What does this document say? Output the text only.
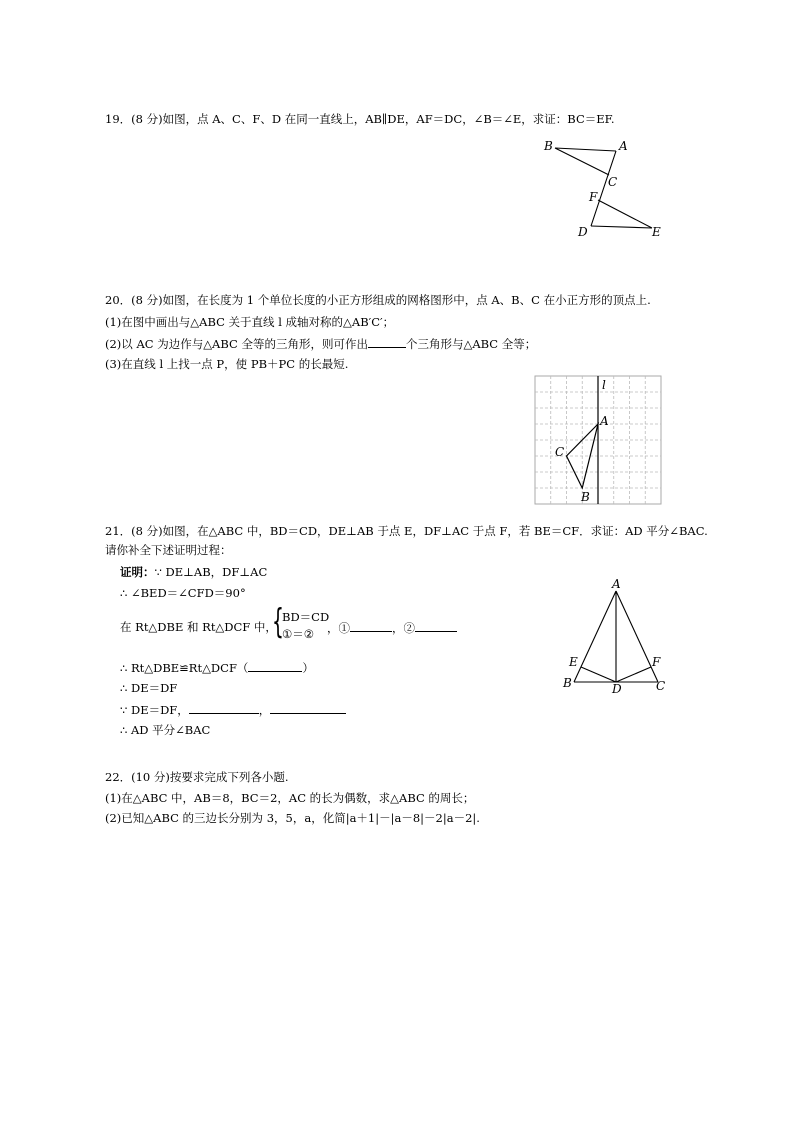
19．(8 分)如图，点 A、C、F、D 在同一直线上，AB∥DE，AF＝DC，∠B＝∠E，求证：BC＝EF.
B	A
C
F
D	E
20．(8 分)如图，在长度为 1 个单位长度的小正方形组成的网格图形中，点 A、B、C 在小正方形的顶点上.
(1)在图中画出与△ABC 关于直线 l 成轴对称的△AB′C′；
(2)以 AC 为边作与△ABC 全等的三角形，则可作出	个三角形与△ABC 全等；
(3)在直线 l 上找一点 P，使 PB＋PC 的长最短.
l
A
C
B
21．(8 分)如图，在△ABC 中，BD＝CD，DE⊥AB 于点 E，DF⊥AC 于点 F，若 BE＝CF．求证：AD 平分∠BAC.
请你补全下述证明过程：
证明：∵ DE⊥AB，DF⊥AC
∴ ∠BED＝∠CFD＝90°
在 Rt△DBE 和 Rt△DCF 中，
{
BD＝CD
①＝② ，①	，②
∴ Rt△DBE≌Rt△DCF（	）
∴ DE＝DF
∵ DE＝DF，	，
∴ AD 平分∠BAC
A
E	F
B	D	C
22．(10 分)按要求完成下列各小题.
(1)在△ABC 中，AB＝8，BC＝2，AC 的长为偶数，求△ABC 的周长；
(2)已知△ABC 的三边长分别为 3，5，a，化简|a＋1|－|a－8|－2|a－2|.
